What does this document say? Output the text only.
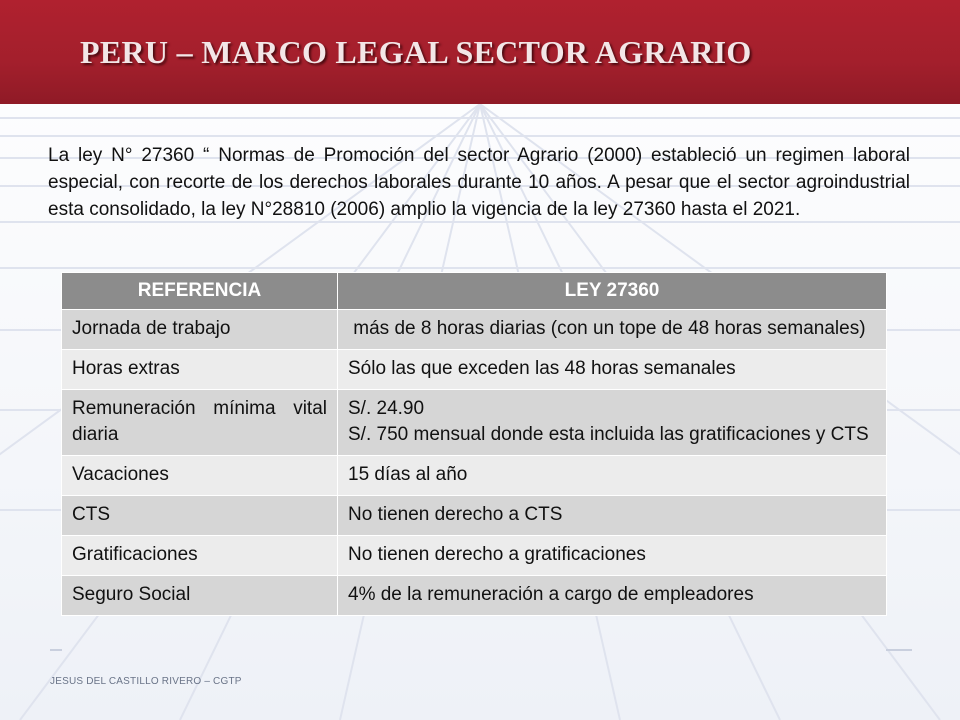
PERU – MARCO LEGAL SECTOR AGRARIO

La ley N° 27360 “ Normas de Promoción del sector Agrario (2000) estableció un regimen laboral especial, con recorte de los derechos laborales durante 10 años. A pesar que el sector agroindustrial esta consolidado, la ley N°28810 (2006) amplio la vigencia de la ley 27360 hasta el 2021.

REFERENCIA	LEY 27360
Jornada de trabajo	más de 8 horas diarias (con un tope de 48 horas semanales)

Horas extras	Sólo las que exceden las 48 horas semanales

Remuneración mínima vital diaria	S/. 24.90
S/. 750 mensual donde esta incluida las gratificaciones y CTS

Vacaciones	15 días al año

CTS	No tienen derecho a CTS

Gratificaciones	No tienen derecho a gratificaciones

Seguro Social	4% de la remuneración a cargo de empleadores
JESUS DEL CASTILLO RIVERO – CGTP
